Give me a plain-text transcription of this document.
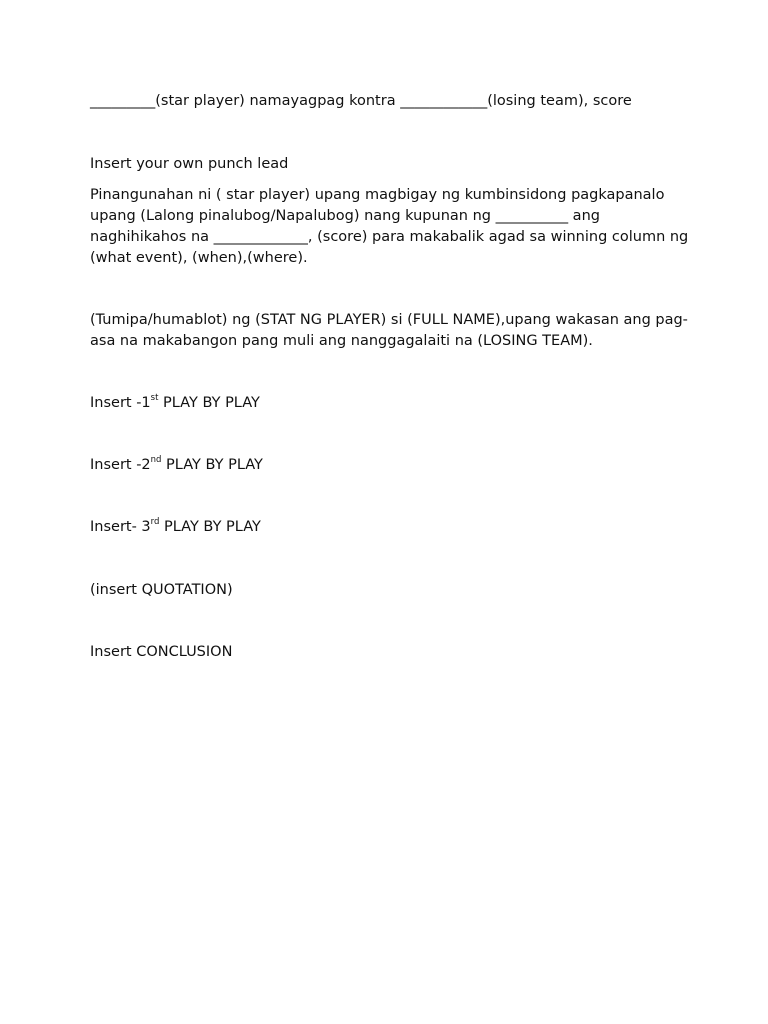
_________(star player) namayagpag kontra ____________(losing team), score

Insert your own punch lead

Pinangunahan ni ( star player) upang magbigay ng kumbinsidong pagkapanalo upang (Lalong pinalubog/Napalubog) nang kupunan ng __________ ang naghihikahos na _____________, (score) para makabalik agad sa winning column ng (what event), (when),(where).

(Tumipa/humablot) ng (STAT NG PLAYER) si (FULL NAME),upang wakasan ang pag-asa na makabangon pang muli ang nanggagalaiti na (LOSING TEAM).

Insert -1st PLAY BY PLAY

Insert -2nd PLAY BY PLAY

Insert- 3rd PLAY BY PLAY

(insert QUOTATION)

Insert CONCLUSION
